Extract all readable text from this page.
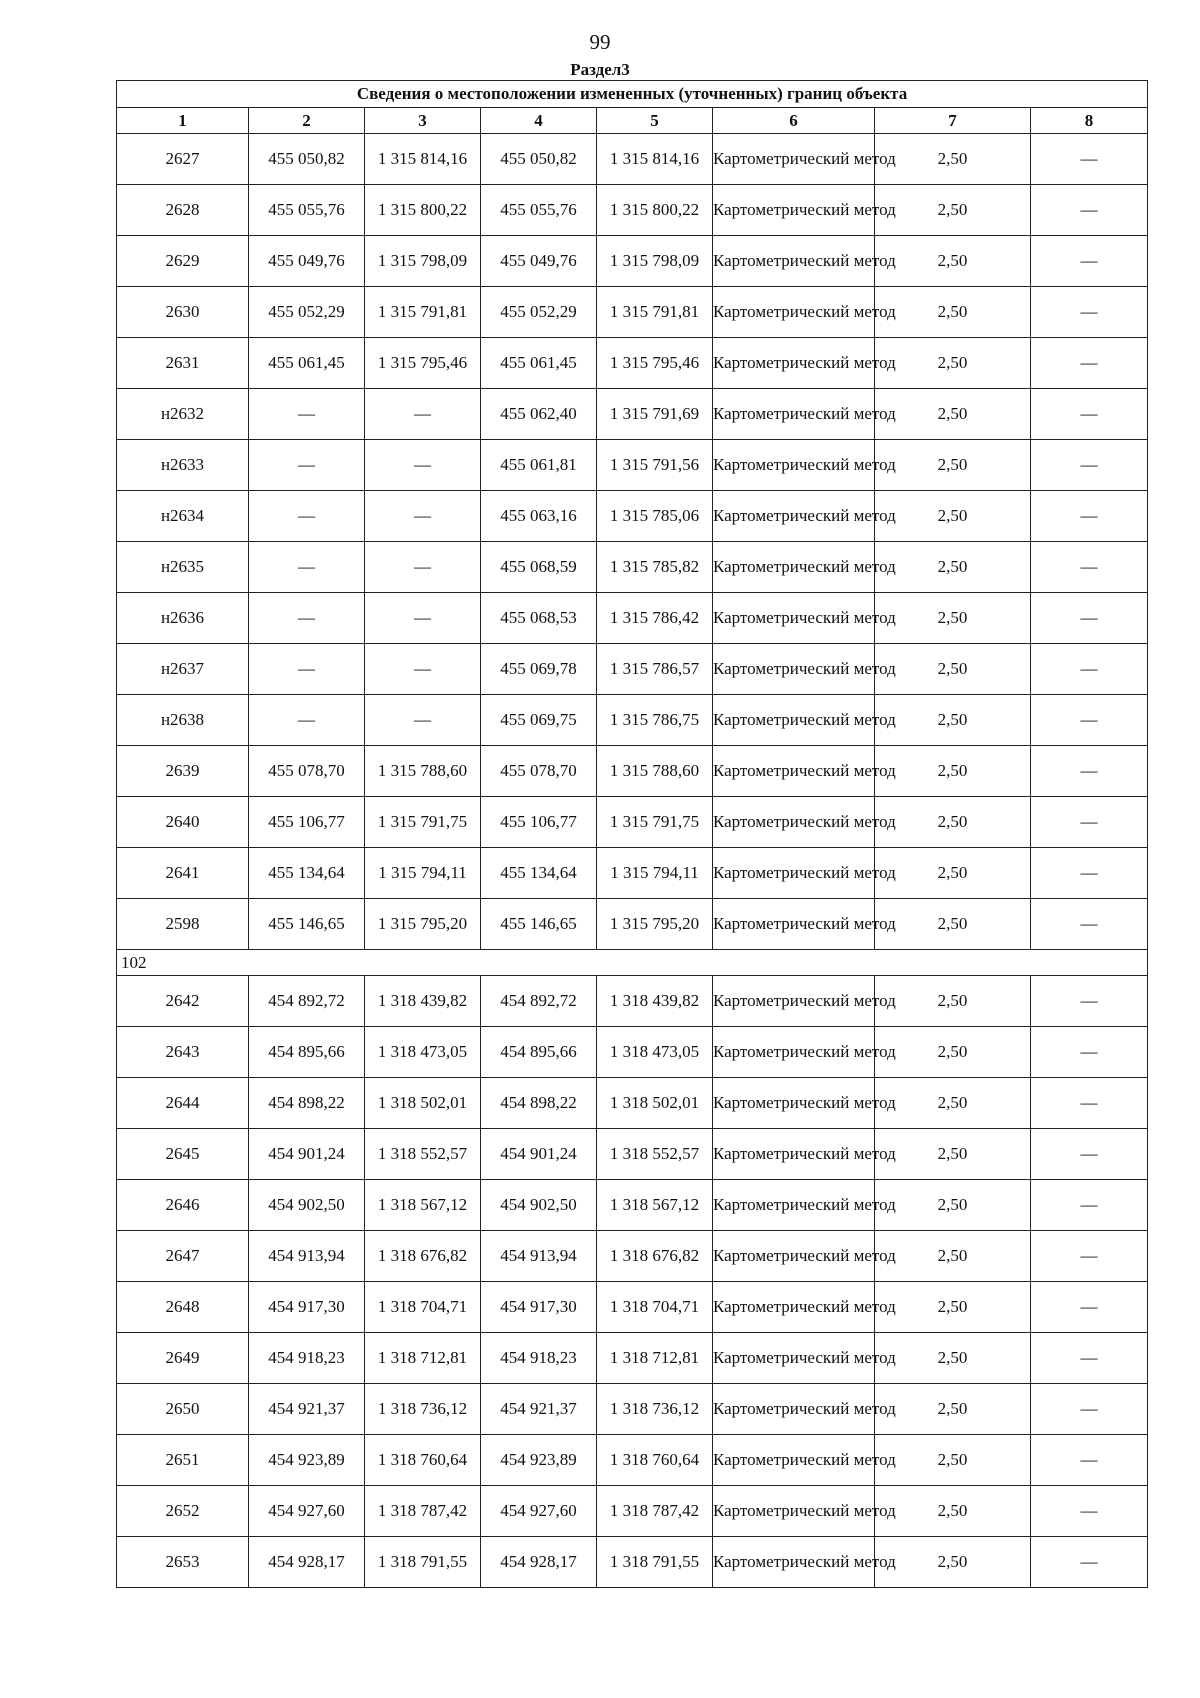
99
Раздел3
Сведения о местоположении измененных (уточненных) границ объекта							
1	2	3	4	5	6	7	8
2627	455 050,82	1 315 814,16	455 050,82	1 315 814,16	Картометрический метод	2,50	—
2628	455 055,76	1 315 800,22	455 055,76	1 315 800,22	Картометрический метод	2,50	—
2629	455 049,76	1 315 798,09	455 049,76	1 315 798,09	Картометрический метод	2,50	—
2630	455 052,29	1 315 791,81	455 052,29	1 315 791,81	Картометрический метод	2,50	—
2631	455 061,45	1 315 795,46	455 061,45	1 315 795,46	Картометрический метод	2,50	—
н2632	—	—	455 062,40	1 315 791,69	Картометрический метод	2,50	—
н2633	—	—	455 061,81	1 315 791,56	Картометрический метод	2,50	—
н2634	—	—	455 063,16	1 315 785,06	Картометрический метод	2,50	—
н2635	—	—	455 068,59	1 315 785,82	Картометрический метод	2,50	—
н2636	—	—	455 068,53	1 315 786,42	Картометрический метод	2,50	—
н2637	—	—	455 069,78	1 315 786,57	Картометрический метод	2,50	—
н2638	—	—	455 069,75	1 315 786,75	Картометрический метод	2,50	—
2639	455 078,70	1 315 788,60	455 078,70	1 315 788,60	Картометрический метод	2,50	—
2640	455 106,77	1 315 791,75	455 106,77	1 315 791,75	Картометрический метод	2,50	—
2641	455 134,64	1 315 794,11	455 134,64	1 315 794,11	Картометрический метод	2,50	—
2598	455 146,65	1 315 795,20	455 146,65	1 315 795,20	Картометрический метод	2,50	—
102							
2642	454 892,72	1 318 439,82	454 892,72	1 318 439,82	Картометрический метод	2,50	—
2643	454 895,66	1 318 473,05	454 895,66	1 318 473,05	Картометрический метод	2,50	—
2644	454 898,22	1 318 502,01	454 898,22	1 318 502,01	Картометрический метод	2,50	—
2645	454 901,24	1 318 552,57	454 901,24	1 318 552,57	Картометрический метод	2,50	—
2646	454 902,50	1 318 567,12	454 902,50	1 318 567,12	Картометрический метод	2,50	—
2647	454 913,94	1 318 676,82	454 913,94	1 318 676,82	Картометрический метод	2,50	—
2648	454 917,30	1 318 704,71	454 917,30	1 318 704,71	Картометрический метод	2,50	—
2649	454 918,23	1 318 712,81	454 918,23	1 318 712,81	Картометрический метод	2,50	—
2650	454 921,37	1 318 736,12	454 921,37	1 318 736,12	Картометрический метод	2,50	—
2651	454 923,89	1 318 760,64	454 923,89	1 318 760,64	Картометрический метод	2,50	—
2652	454 927,60	1 318 787,42	454 927,60	1 318 787,42	Картометрический метод	2,50	—
2653	454 928,17	1 318 791,55	454 928,17	1 318 791,55	Картометрический метод	2,50	—
